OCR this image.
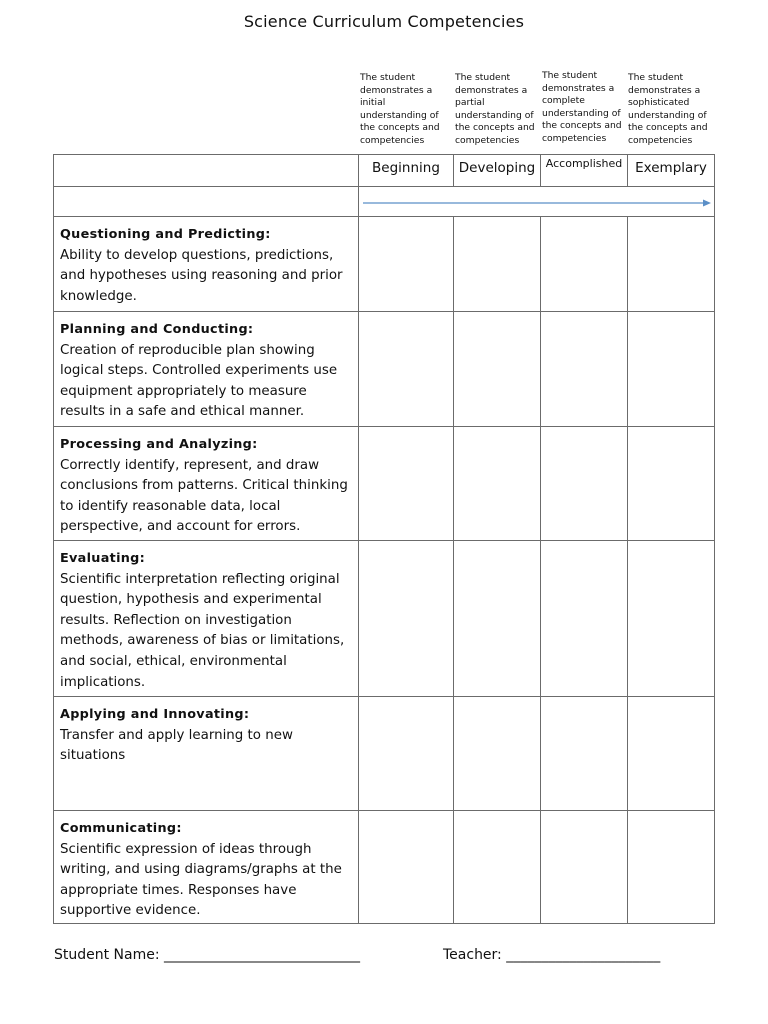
Science Curriculum Competencies
The student
demonstrates a
initial
understanding of
the concepts and
competencies
The student
demonstrates a
partial
understanding of
the concepts and
competencies
The student
demonstrates a
complete
understanding of
the concepts and
competencies
The student
demonstrates a
sophisticated
understanding of
the concepts and
competencies
	Beginning	Developing	Accomplished	Exemplary

Questioning and Predicting:
Ability to develop questions, predictions, and hypotheses using reasoning and prior knowledge.				

Planning and Conducting:
Creation of reproducible plan showing logical steps. Controlled experiments use equipment appropriately to measure results in a safe and ethical manner.				

Processing and Analyzing:
Correctly identify, represent, and draw conclusions from patterns. Critical thinking to identify reasonable data, local perspective, and account for errors.				

Evaluating:
Scientific interpretation reflecting original question, hypothesis and experimental results. Reflection on investigation methods, awareness of bias or limitations, and social, ethical, environmental implications.				

Applying and Innovating:
Transfer and apply learning to new situations				

Communicating:
Scientific expression of ideas through writing, and using diagrams/graphs at the appropriate times. Responses have supportive evidence.				

Student Name: ____________________________	Teacher: ______________________
